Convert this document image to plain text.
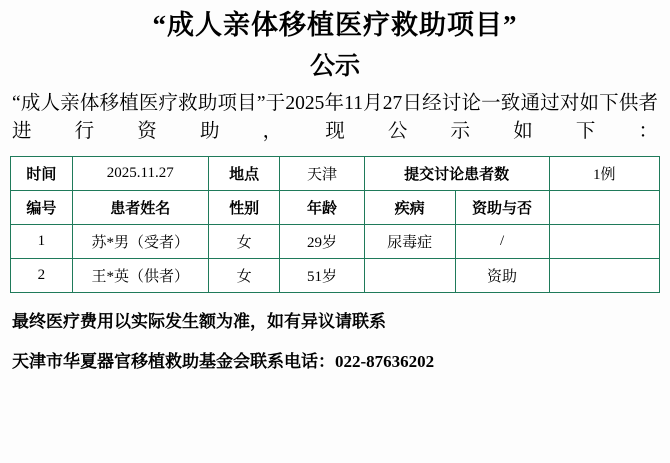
“成人亲体移植医疗救助项目”
公示
“成人亲体移植医疗救助项目”于2025年11月27日经讨论一致通过对如下供者进行资助，现公示如下：
时间	2025.11.27	地点	天津	提交讨论患者数		1例
编号	患者姓名	性别	年龄	疾病	资助与否	
1	苏*男（受者）	女	29岁	尿毒症	/	
2	王*英（供者）	女	51岁		资助	
最终医疗费用以实际发生额为准，如有异议请联系
天津市华夏器官移植救助基金会联系电话：022-87636202
